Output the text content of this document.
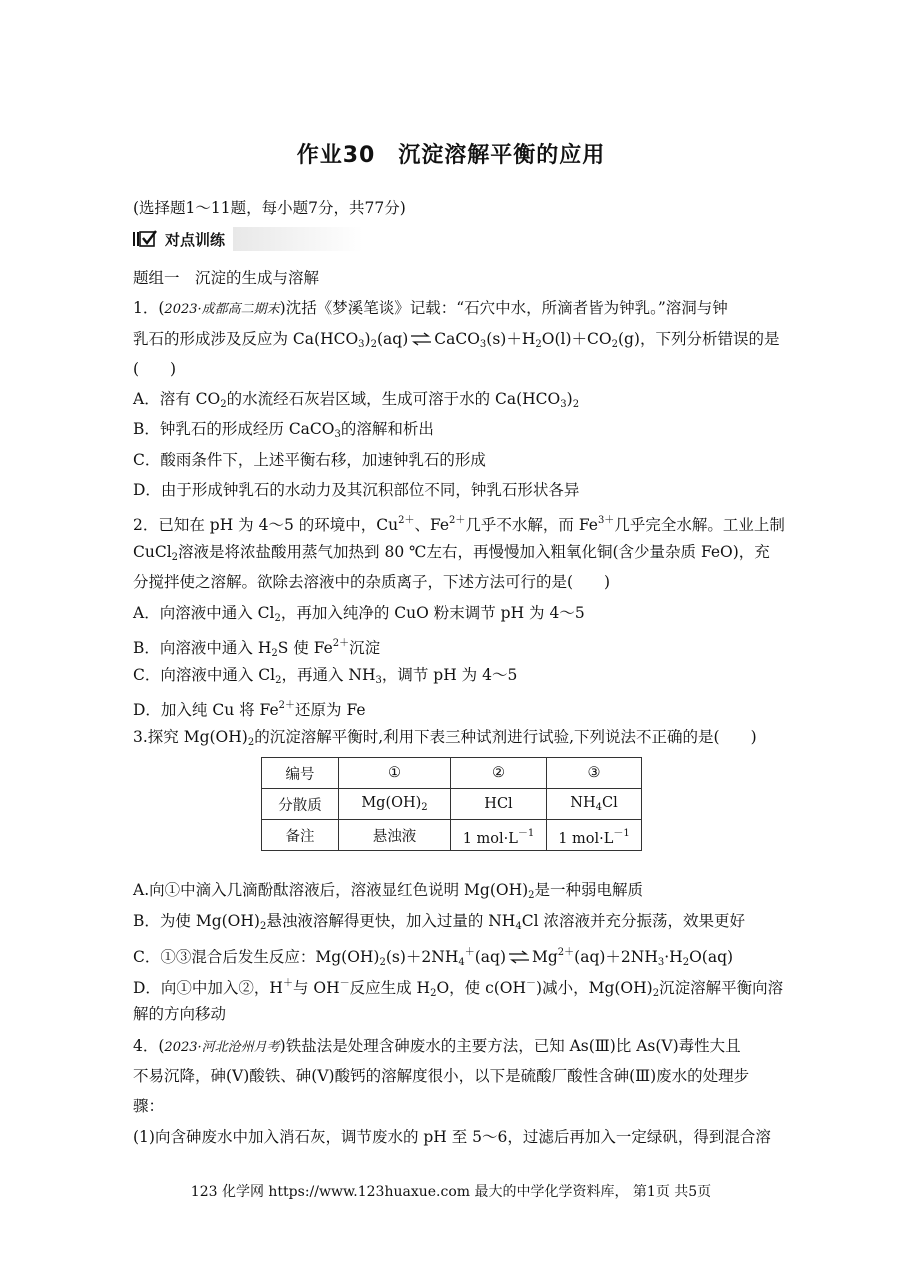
作业30　沉淀溶解平衡的应用
(选择题1～11题，每小题7分，共77分)
对点训练
题组一　沉淀的生成与溶解
1．(2023·成都高二期末)沈括《梦溪笔谈》记载：“石穴中水，所滴者皆为钟乳。”溶洞与钟
乳石的形成涉及反应为 $Ca(HCO_3)_2(aq)$ ⇌ $CaCO_3(s)+H_2O(l)+CO_2(g)$，下列分析错误的是
(　　)
A．溶有 $CO_2$的水流经石灰岩区域，生成可溶于水的 $Ca(HCO_3)_2$
B．钟乳石的形成经历 CaCO$_3$的溶解和析出
C．酸雨条件下，上述平衡右移，加速钟乳石的形成
D．由于形成钟乳石的水动力及其沉积部位不同，钟乳石形状各异
2．已知在 pH 为 4～5 的环境中，$Cu^{2+}$、$Fe^{2+}$几乎不水解，而 $Fe^{3+}$几乎完全水解。工业上制
CuCl$_2$溶液是将浓盐酸用蒸气加热到 80 ℃左右，再慢慢加入粗氧化铜(含少量杂质 FeO)，充
分搅拌使之溶解。欲除去溶液中的杂质离子，下述方法可行的是(　　)
A．向溶液中通入 $Cl_2$，再加入纯净的 CuO 粉末调节 pH 为 4～5
B．向溶液中通入 $H_2S$ 使 $Fe^{2+}$沉淀
C．向溶液中通入 $Cl_2$，再通入 $NH_3$，调节 pH 为 4～5
D．加入纯 Cu 将 $Fe^{2+}$还原为 Fe
3.探究 $Mg(OH)_2$的沉淀溶解平衡时,利用下表三种试剂进行试验,下列说法不正确的是(　　)
编号	①	②	③
分散质	$Mg(OH)_2$	HCl	$NH_4Cl$
备注	悬浊液	1 $mol\cdot L^{-1}$	1 $mol\cdot L^{-1}$
A.向①中滴入几滴酚酞溶液后，溶液显红色说明 $Mg(OH)_2$是一种弱电解质
B．为使 $Mg(OH)_2$悬浊液溶解得更快，加入过量的 $NH_4Cl$ 浓溶液并充分振荡，效果更好
C．①③混合后发生反应：$Mg(OH)_2(s)+2NH_4^+(aq)$ ⇌ $Mg^{2+}(aq)+2NH_3\cdot H_2O(aq)$
D．向①中加入②，H＋与 OH－反应生成 $H_2O$，使 c(OH－)减小，$Mg(OH)_2$沉淀溶解平衡向溶
解的方向移动
4．(2023·河北沧州月考)铁盐法是处理含砷废水的主要方法，已知 As(Ⅲ)比 As(Ⅴ)毒性大且
不易沉降，砷(Ⅴ)酸铁、砷(Ⅴ)酸钙的溶解度很小，以下是硫酸厂酸性含砷(Ⅲ)废水的处理步
骤：
(1)向含砷废水中加入消石灰，调节废水的 pH 至 5～6，过滤后再加入一定绿矾，得到混合溶
123 化学网 https://www.123huaxue.com 最大的中学化学资料库， 第1页 共5页
